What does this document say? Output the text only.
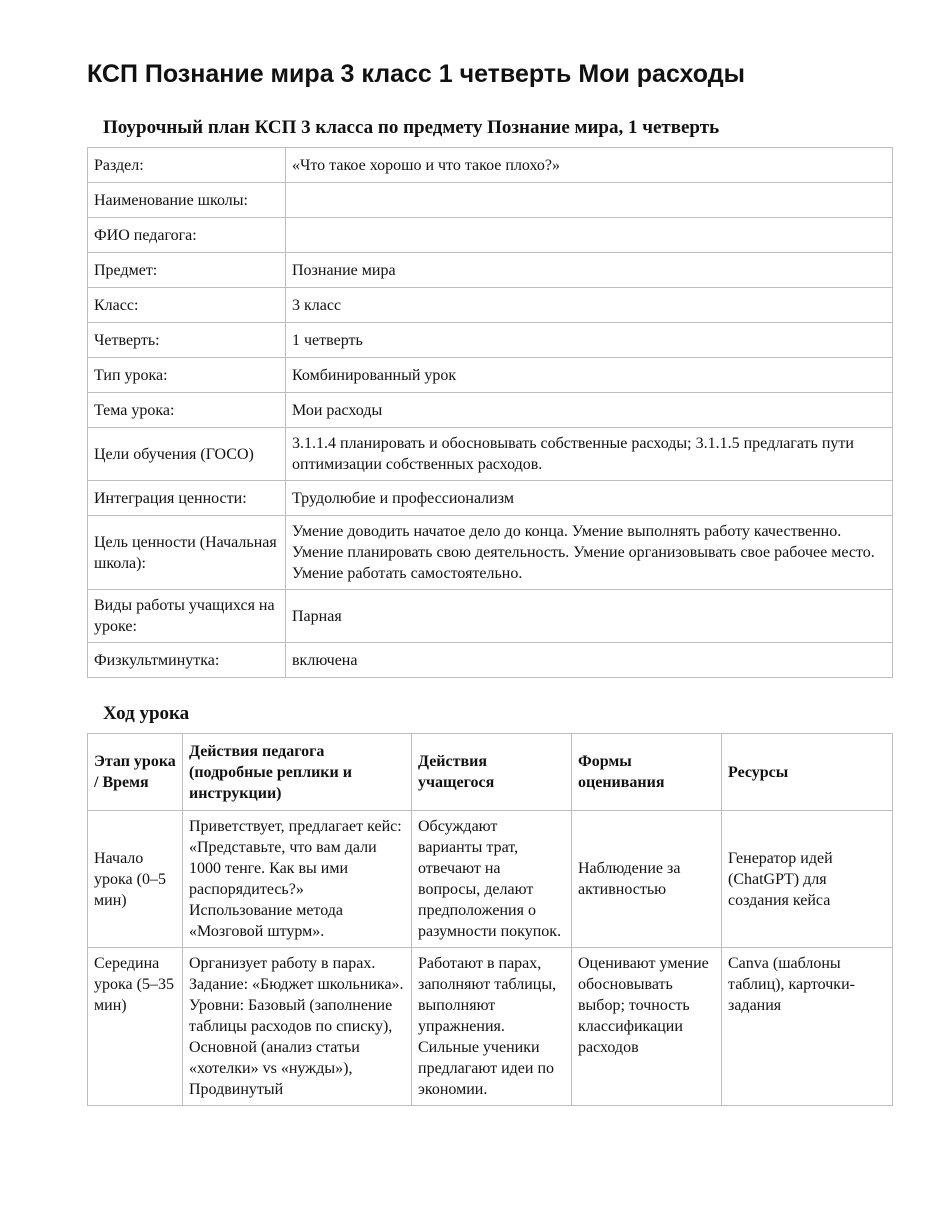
КСП Познание мира 3 класс 1 четверть Мои расходы
Поурочный план КСП 3 класса по предмету Познание мира, 1 четверть
Раздел:	«Что такое хорошо и что такое плохо?»
Наименование школы:	
ФИО педагога:	
Предмет:	Познание мира
Класс:	3 класс
Четверть:	1 четверть
Тип урока:	Комбинированный урок
Тема урока:	Мои расходы
Цели обучения (ГОСО)	3.1.1.4 планировать и обосновывать собственные расходы; 3.1.1.5 предлагать пути оптимизации собственных расходов.
Интеграция ценности:	Трудолюбие и профессионализм
Цель ценности (Начальная школа):	Умение доводить начатое дело до конца. Умение выполнять работу качественно. Умение планировать свою деятельность. Умение организовывать свое рабочее место. Умение работать самостоятельно.
Виды работы учащихся на уроке:	Парная
Физкультминутка:	включена
Ход урока
Этап урока / Время	Действия педагога (подробные реплики и инструкции)	Действия учащегося	Формы оценивания	Ресурсы
Начало урока (0–5 мин)	Приветствует, предлагает кейс: «Представьте, что вам дали 1000 тенге. Как вы ими распорядитесь?» Использование метода «Мозговой штурм».	Обсуждают варианты трат, отвечают на вопросы, делают предположения о разумности покупок.	Наблюдение за активностью	Генератор идей (ChatGPT) для создания кейса
Середина урока (5–35 мин)	Организует работу в парах. Задание: «Бюджет школьника». Уровни: Базовый (заполнение таблицы расходов по списку), Основной (анализ статьи «хотелки» vs «нужды»), Продвинутый	Работают в парах, заполняют таблицы, выполняют упражнения. Сильные ученики предлагают идеи по экономии.	Оценивают умение обосновывать выбор; точность классификации расходов	Canva (шаблоны таблиц), карточки-задания
